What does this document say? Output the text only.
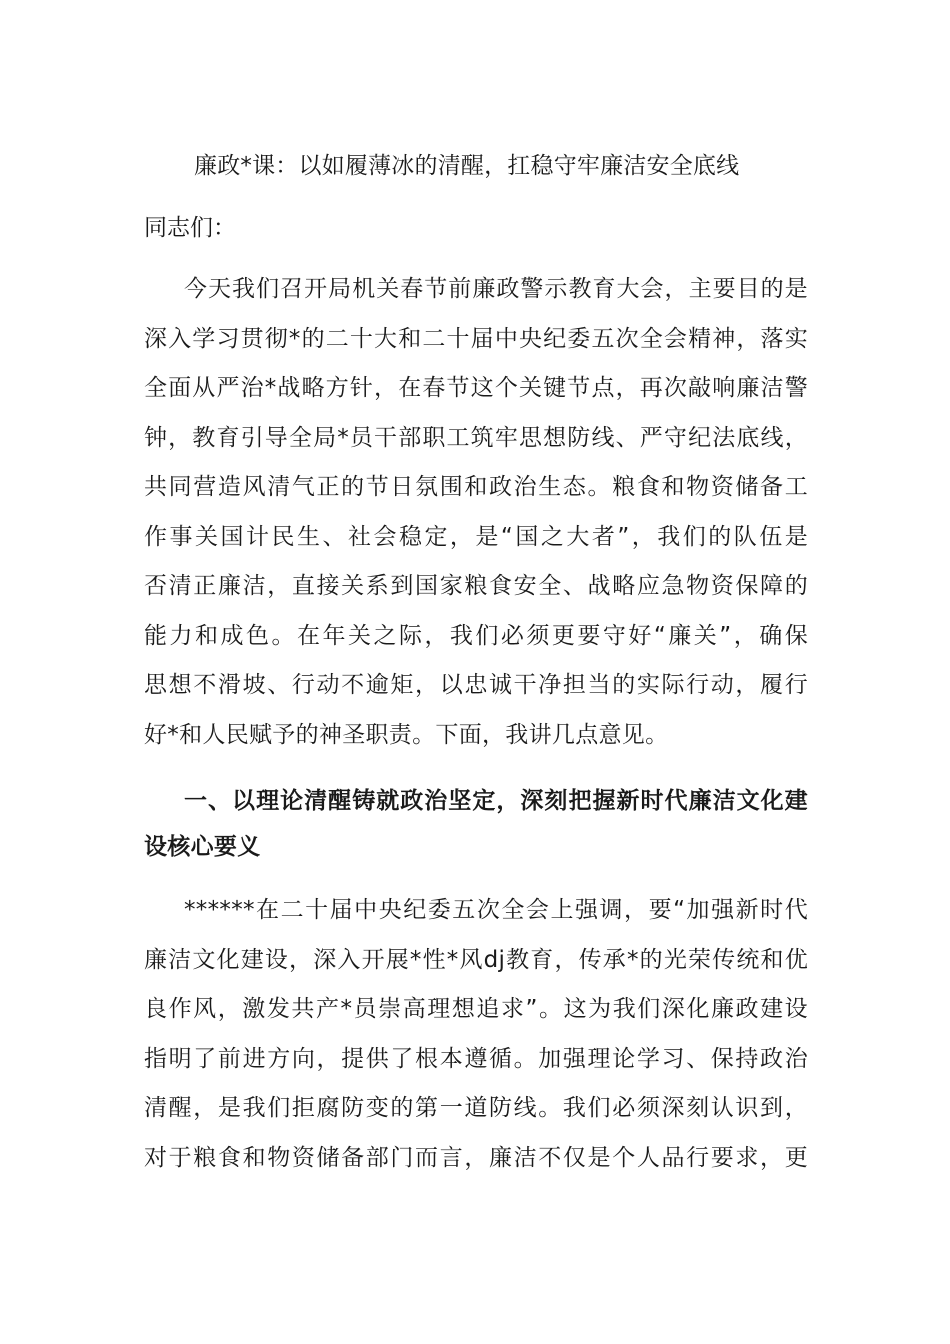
廉政*课：以如履薄冰的清醒，扛稳守牢廉洁安全底线
同志们：
今天我们召开局机关春节前廉政警示教育大会，主要目的是
深入学习贯彻*的二十大和二十届中央纪委五次全会精神，落实
全面从严治*战略方针，在春节这个关键节点，再次敲响廉洁警
钟，教育引导全局*员干部职工筑牢思想防线、严守纪法底线，
共同营造风清气正的节日氛围和政治生态。粮食和物资储备工
作事关国计民生、社会稳定，是“国之大者”，我们的队伍是
否清正廉洁，直接关系到国家粮食安全、战略应急物资保障的
能力和成色。在年关之际，我们必须更要守好“廉关”，确保
思想不滑坡、行动不逾矩，以忠诚干净担当的实际行动，履行
好*和人民赋予的神圣职责。下面，我讲几点意见。
一、以理论清醒铸就政治坚定，深刻把握新时代廉洁文化建
设核心要义
******在二十届中央纪委五次全会上强调，要“加强新时代
廉洁文化建设，深入开展*性*风dj教育，传承*的光荣传统和优
良作风，激发共产*员崇高理想追求”。这为我们深化廉政建设
指明了前进方向，提供了根本遵循。加强理论学习、保持政治
清醒，是我们拒腐防变的第一道防线。我们必须深刻认识到，
对于粮食和物资储备部门而言，廉洁不仅是个人品行要求，更
